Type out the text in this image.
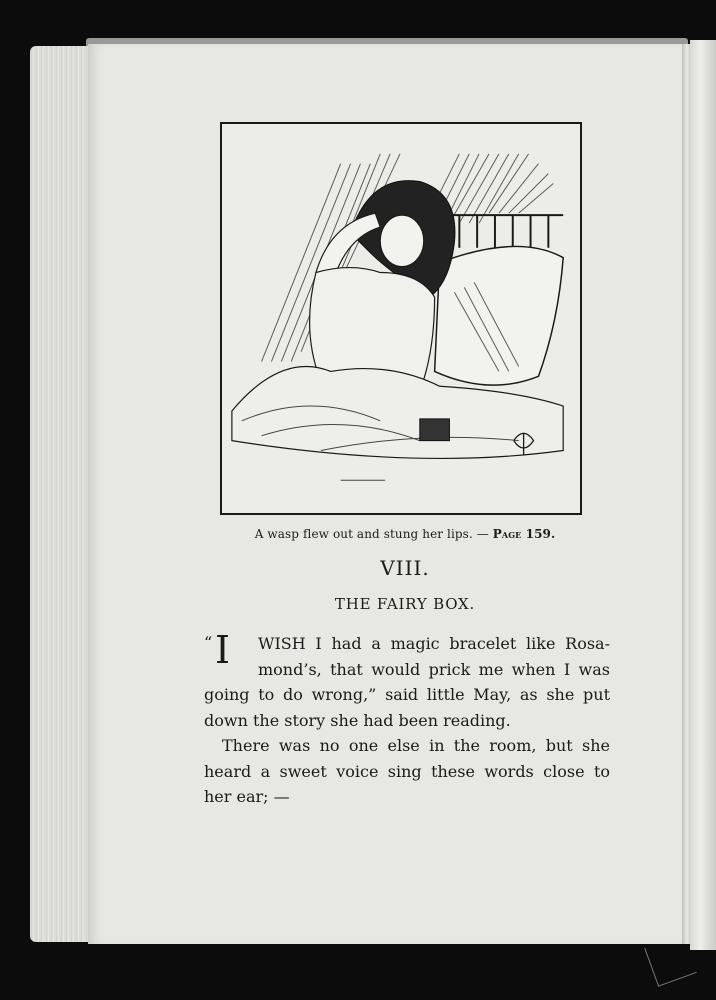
A wasp flew out and stung her lips. — Page 159.
VIII.
THE FAIRY BOX.
“ I WISH I had a magic bracelet like Rosa-
mond’s, that would prick me when I was
going to do wrong,” said little May, as she put
down the story she had been reading.
There was no one else in the room, but she
heard a sweet voice sing these words close to
her ear; —
